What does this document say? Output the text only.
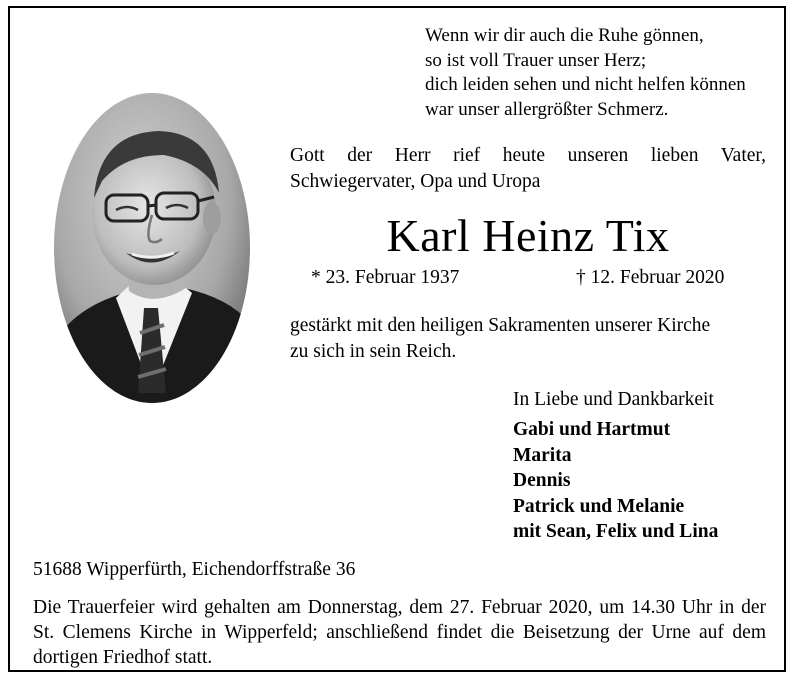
Wenn wir dir auch die Ruhe gönnen,
so ist voll Trauer unser Herz;
dich leiden sehen und nicht helfen können
war unser allergrößter Schmerz.
Gott der Herr rief heute unseren lieben Vater,
Schwiegervater, Opa und Uropa
Karl Heinz Tix
* 23. Februar 1937	† 12. Februar 2020
gestärkt mit den heiligen Sakramenten unserer Kirche
zu sich in sein Reich.
In Liebe und Dankbarkeit
Gabi und Hartmut
Marita
Dennis
Patrick und Melanie
mit Sean, Felix und Lina
51688 Wipperfürth, Eichendorffstraße 36
Die Trauerfeier wird gehalten am Donnerstag, dem 27. Februar 2020, um 14.30 Uhr in der
St. Clemens Kirche in Wipperfeld; anschließend findet die Beisetzung der Urne auf dem
dortigen Friedhof statt.
